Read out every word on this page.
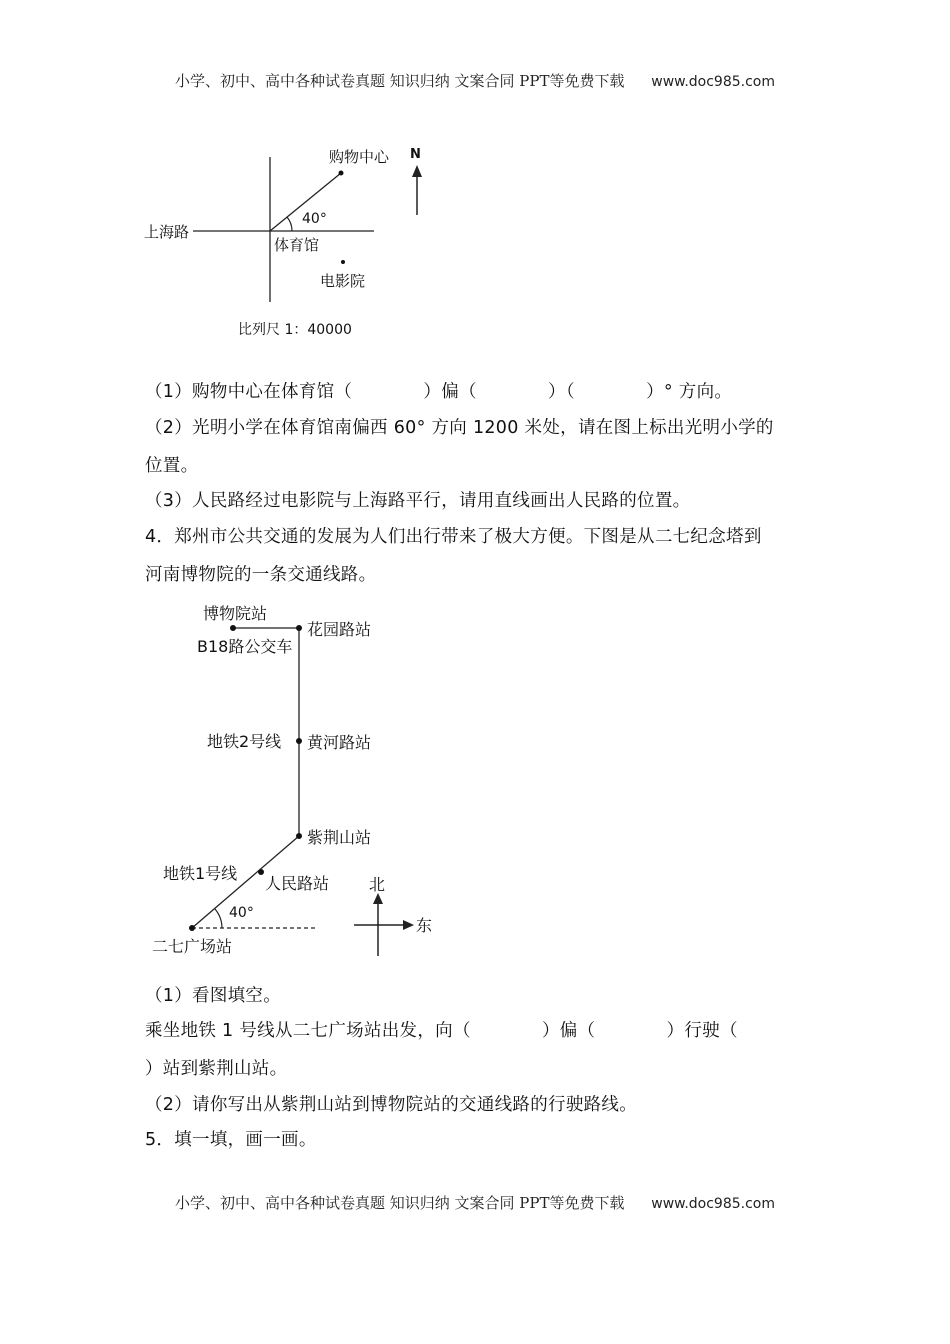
小学、初中、高中各种试卷真题 知识归纳 文案合同 PPT等免费下载 www.doc985.com
N
购物中心
40°
上海路
体育馆
电影院
比列尺 1：40000
（1）购物中心在体育馆（　　　　）偏（　　　　）（　　　　）° 方向。
（2）光明小学在体育馆南偏西 60° 方向 1200 米处，请在图上标出光明小学的
位置。
（3）人民路经过电影院与上海路平行，请用直线画出人民路的位置。
4．郑州市公共交通的发展为人们出行带来了极大方便。下图是从二七纪念塔到
河南博物院的一条交通线路。
博物院站
B18路公交车
花园路站
地铁2号线 黄河路站
紫荆山站
地铁1号线
人民路站
40°
二七广场站
北
东
（1）看图填空。
乘坐地铁 1 号线从二七广场站出发，向（　　　　）偏（　　　　）行驶（
）站到紫荆山站。
（2）请你写出从紫荆山站到博物院站的交通线路的行驶路线。
5．填一填，画一画。
小学、初中、高中各种试卷真题 知识归纳 文案合同 PPT等免费下载 www.doc985.com
